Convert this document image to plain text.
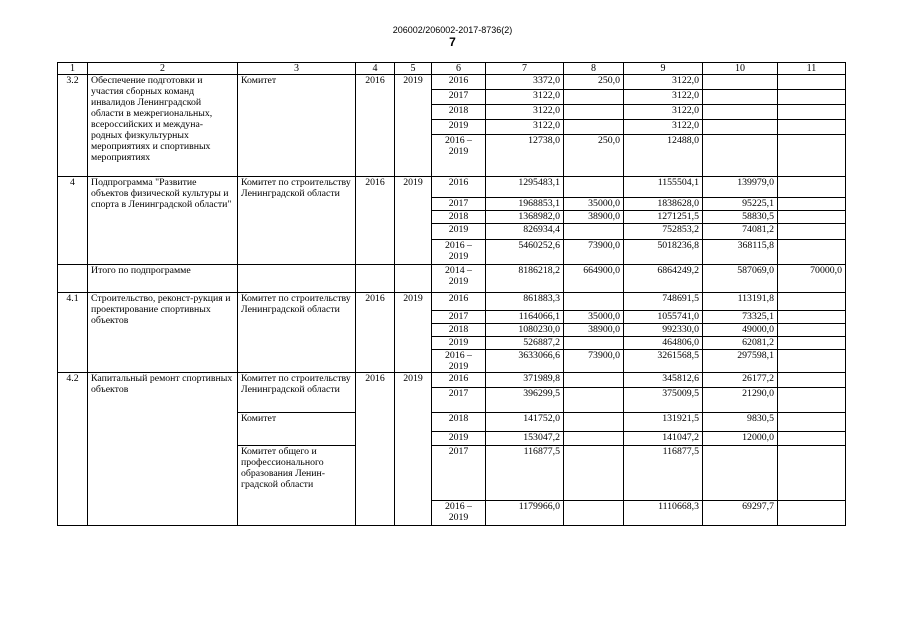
206002/206002-2017-8736(2)
7
1	2	3	4	5	6	7	8	9	10	11
3.2	Обеспечение подготовки и участия сборных команд инвалидов Ленинградской области в межрегиональных, всероссийских и междуна-родных физкультурных мероприятиях и спортивных мероприятиях	Комитет	2016	2019	2016	3372,0	250,0	3122,0		
					2017	3122,0		3122,0		
					2018	3122,0		3122,0		
					2019	3122,0		3122,0		
					2016 – 2019	12738,0	250,0	12488,0		
4	Подпрограмма "Развитие объектов физической культуры и спорта в Ленинградской области"	Комитет по строительству Ленинградской области	2016	2019	2016	1295483,1		1155504,1	139979,0	
					2017	1968853,1	35000,0	1838628,0	95225,1	
					2018	1368982,0	38900,0	1271251,5	58830,5	
					2019	826934,4		752853,2	74081,2	
					2016 – 2019	5460252,6	73900,0	5018236,8	368115,8	
	Итого по подпрограмме				2014 – 2019	8186218,2	664900,0	6864249,2	587069,0	70000,0
4.1	Строительство, реконст-рукция и проектирование спортивных объектов	Комитет по строительству Ленинградской области	2016	2019	2016	861883,3		748691,5	113191,8	
					2017	1164066,1	35000,0	1055741,0	73325,1	
					2018	1080230,0	38900,0	992330,0	49000,0	
					2019	526887,2		464806,0	62081,2	
					2016 – 2019	3633066,6	73900,0	3261568,5	297598,1	
4.2	Капитальный ремонт спортивных объектов	Комитет по строительству Ленинградской области	2016	2019	2016	371989,8		345812,6	26177,2	
					2017	396299,5		375009,5	21290,0	
		Комитет			2018	141752,0		131921,5	9830,5	
					2019	153047,2		141047,2	12000,0	
		Комитет общего и профессионального образования Ленин-градской области			2017	116877,5		116877,5		
					2016 – 2019	1179966,0		1110668,3	69297,7	
